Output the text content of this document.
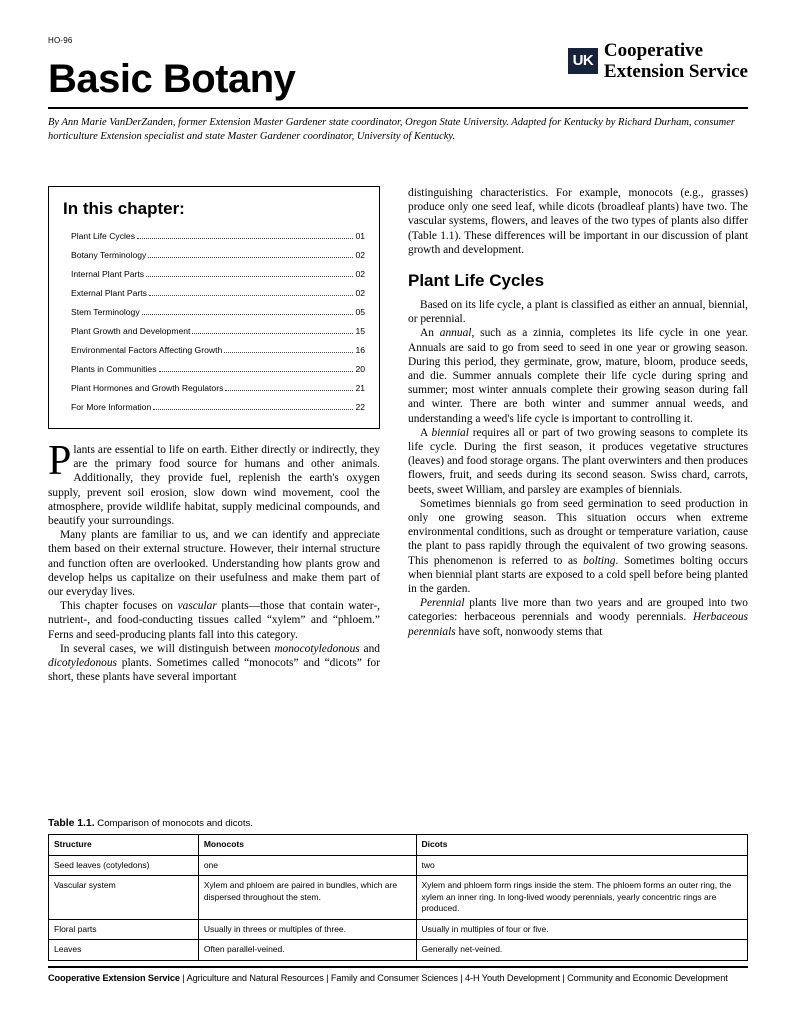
HO-96
UK Cooperative
Extension Service
Basic Botany
By Ann Marie VanDerZanden, former Extension Master Gardener state coordinator, Oregon State University. Adapted for Kentucky by Richard Durham, consumer horticulture Extension specialist and state Master Gardener coordinator, University of Kentucky.
In this chapter:
Plant Life Cycles	01
Botany Terminology	02
Internal Plant Parts	02
External Plant Parts	02
Stem Terminology	05
Plant Growth and Development	15
Environmental Factors Affecting Growth	16
Plants in Communities	20
Plant Hormones and Growth Regulators	21
For More Information	22

Plants are essential to life on earth. Either directly or indirectly, they are the primary food source for humans and other animals. Additionally, they provide fuel, replenish the earth's oxygen supply, prevent soil erosion, slow down wind movement, cool the atmosphere, provide wildlife habitat, supply medicinal compounds, and beautify your surroundings.

Many plants are familiar to us, and we can identify and appreciate them based on their external structure. However, their internal structure and function often are overlooked. Understanding how plants grow and develop helps us capitalize on their usefulness and make them part of our everyday lives.

This chapter focuses on vascular plants—those that contain water-, nutrient-, and food-conducting tissues called “xylem” and “phloem.” Ferns and seed-producing plants fall into this category.

In several cases, we will distinguish between monocotyledonous and dicotyledonous plants. Sometimes called “monocots” and “dicots” for short, these plants have several important

distinguishing characteristics. For example, monocots (e.g., grasses) produce only one seed leaf, while dicots (broadleaf plants) have two. The vascular systems, flowers, and leaves of the two types of plants also differ (Table 1.1). These differences will be important in our discussion of plant growth and development.

Plant Life Cycles

Based on its life cycle, a plant is classified as either an annual, biennial, or perennial.

An annual, such as a zinnia, completes its life cycle in one year. Annuals are said to go from seed to seed in one year or growing season. During this period, they germinate, grow, mature, bloom, produce seeds, and die. Summer annuals complete their life cycle during spring and summer; most winter annuals complete their growing season during fall and winter. There are both winter and summer annual weeds, and understanding a weed's life cycle is important to controlling it.

A biennial requires all or part of two growing seasons to complete its life cycle. During the first season, it produces vegetative structures (leaves) and food storage organs. The plant overwinters and then produces flowers, fruit, and seeds during its second season. Swiss chard, carrots, beets, sweet William, and parsley are examples of biennials.

Sometimes biennials go from seed germination to seed production in only one growing season. This situation occurs when extreme environmental conditions, such as drought or temperature variation, cause the plant to pass rapidly through the equivalent of two growing seasons. This phenomenon is referred to as bolting. Sometimes bolting occurs when biennial plant starts are exposed to a cold spell before being planted in the garden.

Perennial plants live more than two years and are grouped into two categories: herbaceous perennials and woody perennials. Herbaceous perennials have soft, nonwoody stems that

Table 1.1. Comparison of monocots and dicots.
Structure	Monocots	Dicots
Seed leaves (cotyledons)	one	two
Vascular system	Xylem and phloem are paired in bundles, which are dispersed throughout the stem.	Xylem and phloem form rings inside the stem. The phloem forms an outer ring, the xylem an inner ring. In long-lived woody perennials, yearly concentric rings are produced.
Floral parts	Usually in threes or multiples of three.	Usually in multiples of four or five.
Leaves	Often parallel-veined.	Generally net-veined.
Cooperative Extension Service | Agriculture and Natural Resources | Family and Consumer Sciences | 4-H Youth Development | Community and Economic Development
